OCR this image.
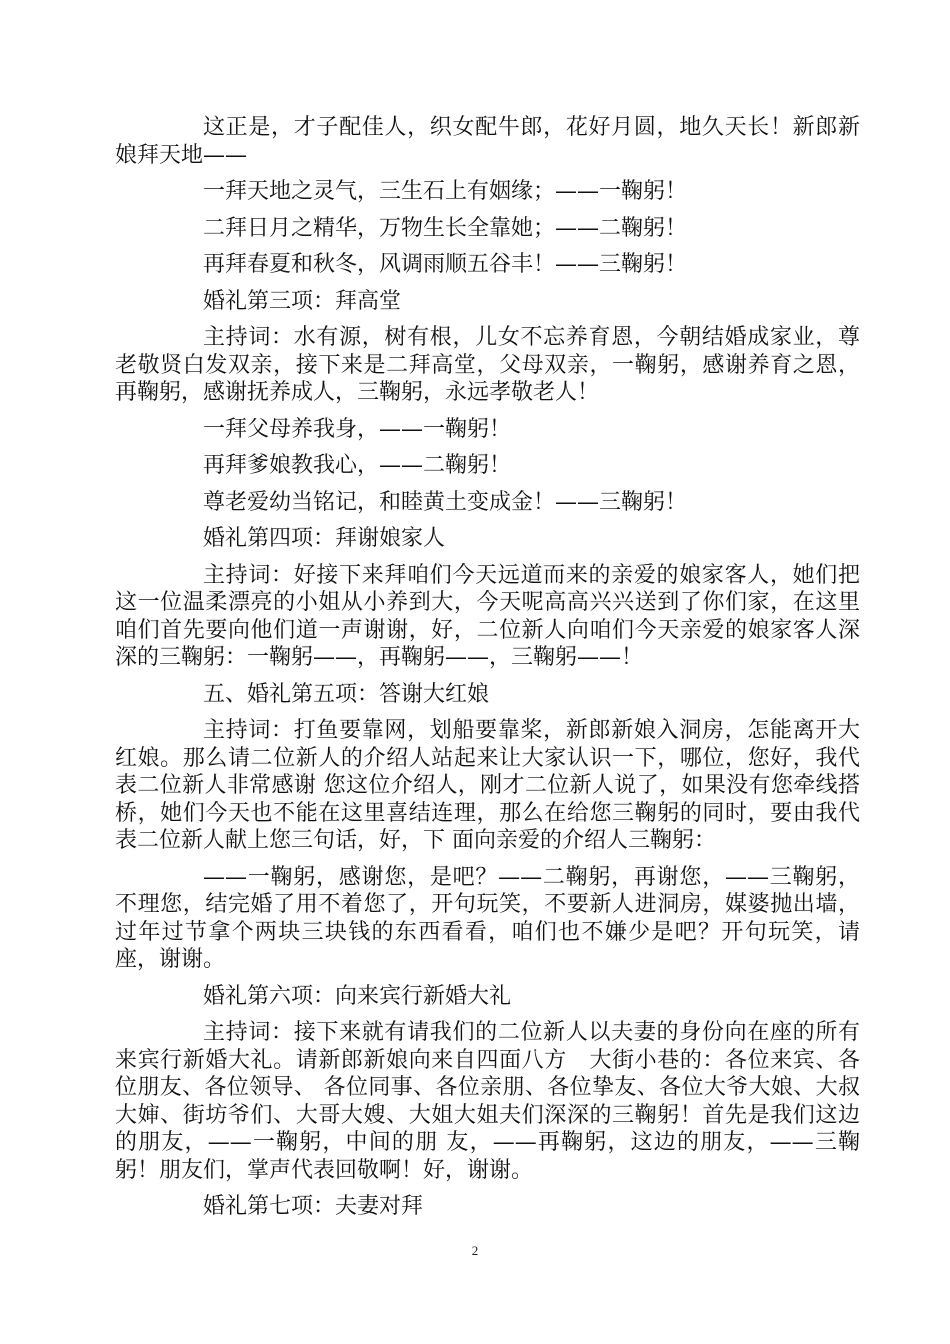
这正是，才子配佳人，织女配牛郎，花好月圆，地久天长！新郎新娘拜天地——

一拜天地之灵气，三生石上有姻缘；——一鞠躬！

二拜日月之精华，万物生长全靠她；——二鞠躬！

再拜春夏和秋冬，风调雨顺五谷丰！——三鞠躬！

婚礼第三项：拜高堂

主持词：水有源，树有根，儿女不忘养育恩，今朝结婚成家业，尊老敬贤白发双亲，接下来是二拜高堂，父母双亲，一鞠躬，感谢养育之恩，再鞠躬，感谢抚养成人，三鞠躬，永远孝敬老人！

一拜父母养我身，——一鞠躬！

再拜爹娘教我心，——二鞠躬！

尊老爱幼当铭记，和睦黄土变成金！——三鞠躬！

婚礼第四项：拜谢娘家人

主持词：好接下来拜咱们今天远道而来的亲爱的娘家客人，她们把这一位温柔漂亮的小姐从小养到大，今天呢高高兴兴送到了你们家，在这里咱们首先要向他们道一声谢谢，好，二位新人向咱们今天亲爱的娘家客人深深的三鞠躬：一鞠躬——，再鞠躬——，三鞠躬——！

五、婚礼第五项：答谢大红娘

主持词：打鱼要靠网，划船要靠桨，新郎新娘入洞房，怎能离开大红娘。那么请二位新人的介绍人站起来让大家认识一下，哪位，您好，我代表二位新人非常感谢 您这位介绍人，刚才二位新人说了，如果没有您牵线搭桥，她们今天也不能在这里喜结连理，那么在给您三鞠躬的同时，要由我代表二位新人献上您三句话，好，下 面向亲爱的介绍人三鞠躬：

——一鞠躬，感谢您，是吧？——二鞠躬，再谢您，——三鞠躬，不理您，结完婚了用不着您了，开句玩笑，不要新人进洞房，媒婆抛出墙，过年过节拿个两块三块钱的东西看看，咱们也不嫌少是吧？开句玩笑，请座，谢谢。

婚礼第六项：向来宾行新婚大礼

主持词：接下来就有请我们的二位新人以夫妻的身份向在座的所有来宾行新婚大礼。请新郎新娘向来自四面八方　大街小巷的：各位来宾、各位朋友、各位领导、 各位同事、各位亲朋、各位挚友、各位大爷大娘、大叔大婶、街坊爷们、大哥大嫂、大姐大姐夫们深深的三鞠躬！首先是我们这边的朋友，——一鞠躬，中间的朋 友，——再鞠躬，这边的朋友，——三鞠躬！朋友们，掌声代表回敬啊！好，谢谢。

婚礼第七项：夫妻对拜

2
